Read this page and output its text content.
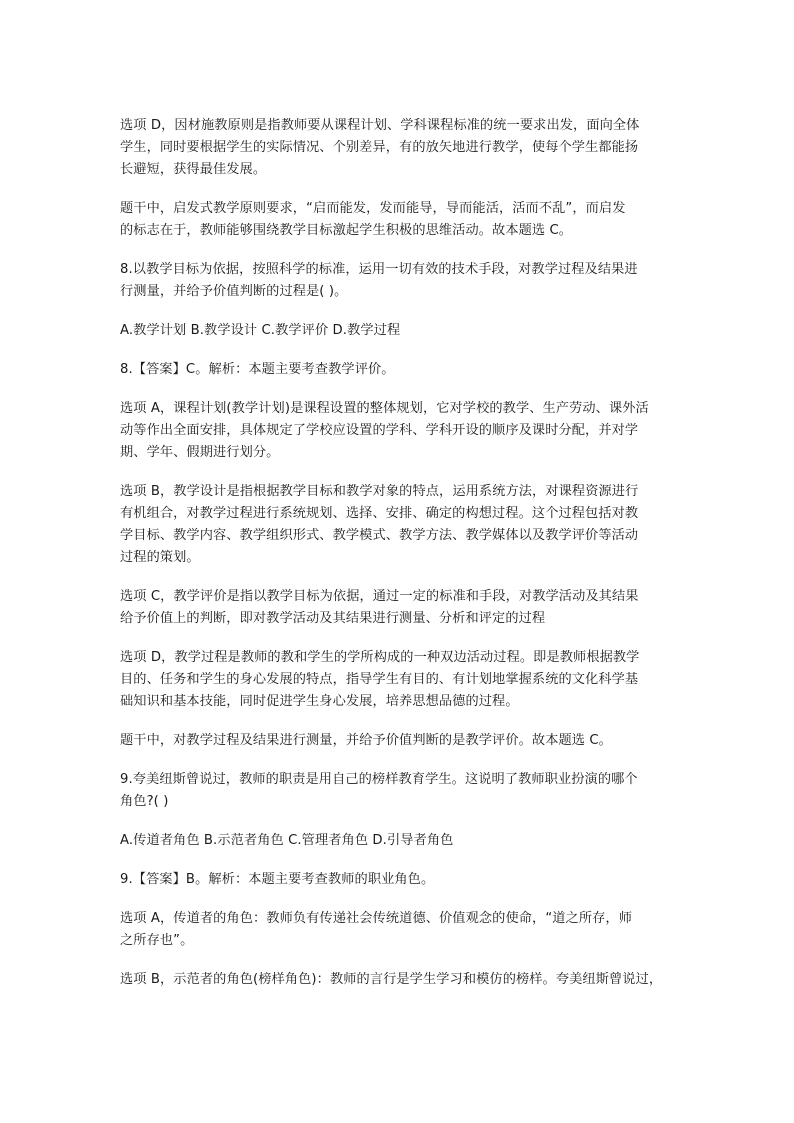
选项 D，因材施教原则是指教师要从课程计划、学科课程标准的统一要求出发，面向全体
学生，同时要根据学生的实际情况、个别差异，有的放矢地进行教学，使每个学生都能扬
长避短，获得最佳发展。

题干中，启发式教学原则要求，“启而能发，发而能导，导而能活，活而不乱”，而启发
的标志在于，教师能够围绕教学目标激起学生积极的思维活动。故本题选 C。

8.以教学目标为依据，按照科学的标准，运用一切有效的技术手段，对教学过程及结果进
行测量，并给予价值判断的过程是( )。

A.教学计划 B.教学设计 C.教学评价 D.教学过程

8.【答案】C。解析：本题主要考查教学评价。

选项 A，课程计划(教学计划)是课程设置的整体规划，它对学校的教学、生产劳动、课外活
动等作出全面安排，具体规定了学校应设置的学科、学科开设的顺序及课时分配，并对学
期、学年、假期进行划分。

选项 B，教学设计是指根据教学目标和教学对象的特点，运用系统方法，对课程资源进行
有机组合，对教学过程进行系统规划、选择、安排、确定的构想过程。这个过程包括对教
学目标、教学内容、教学组织形式、教学模式、教学方法、教学媒体以及教学评价等活动
过程的策划。

选项 C，教学评价是指以教学目标为依据，通过一定的标准和手段，对教学活动及其结果
给予价值上的判断，即对教学活动及其结果进行测量、分析和评定的过程

选项 D，教学过程是教师的教和学生的学所构成的一种双边活动过程。即是教师根据教学
目的、任务和学生的身心发展的特点，指导学生有目的、有计划地掌握系统的文化科学基
础知识和基本技能，同时促进学生身心发展，培养思想品德的过程。

题干中，对教学过程及结果进行测量，并给予价值判断的是教学评价。故本题选 C。

9.夸美纽斯曾说过，教师的职责是用自己的榜样教育学生。这说明了教师职业扮演的哪个
角色?( )

A.传道者角色 B.示范者角色 C.管理者角色 D.引导者角色

9.【答案】B。解析：本题主要考查教师的职业角色。

选项 A，传道者的角色：教师负有传递社会传统道德、价值观念的使命，“道之所存，师
之所存也”。

选项 B，示范者的角色(榜样角色)：教师的言行是学生学习和模仿的榜样。夸美纽斯曾说过，
